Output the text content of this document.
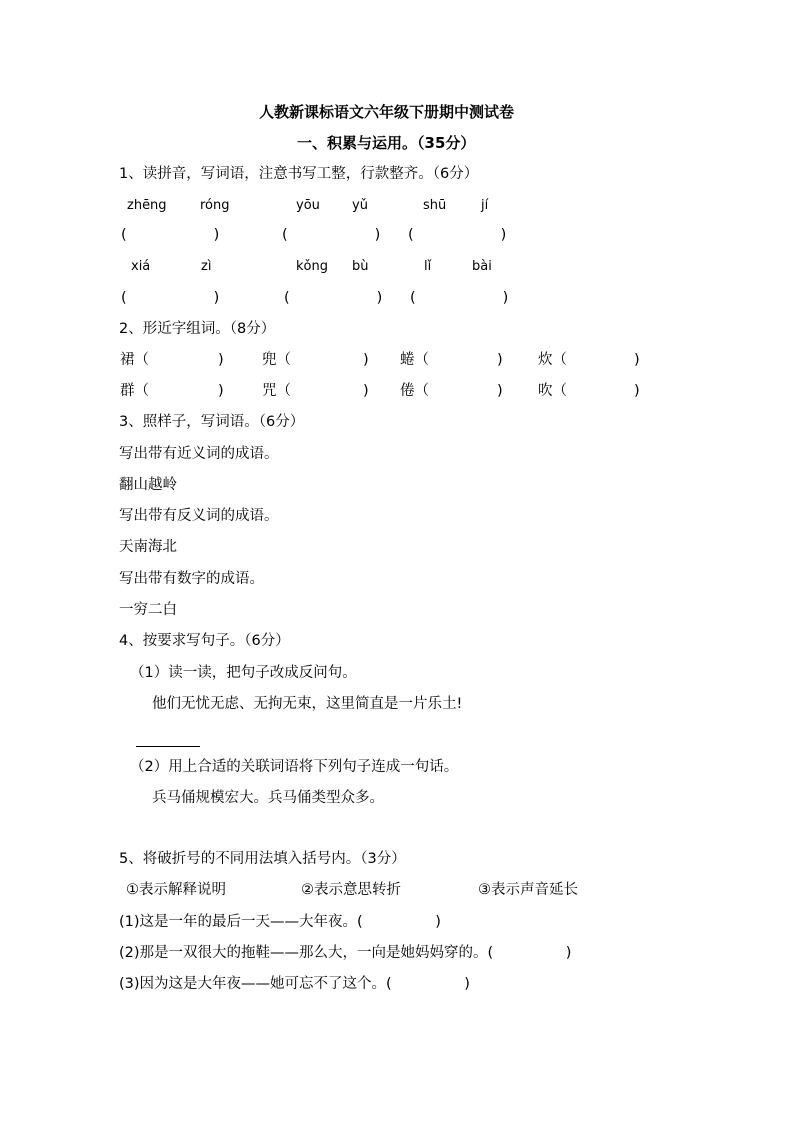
人教新课标语文六年级下册期中测试卷
一、积累与运用。（35分）
1、读拼音，写词语，注意书写工整，行款整齐。（6分）
zhēng	róng	yōu yǔ	shū	jí
(　　　　　　)	(　　　　　　) (　　　　　　)
xiá	zì	kǒng bù	lǐ	bài
(　　　　　　)	(　　　　　　) (　　　　　　)
2、形近字组词。（8分）
裙（	)	兜（	) 蜷（	) 炊（	)
群（	)	咒（	) 倦（	) 吹（	)
3、照样子，写词语。（6分）
写出带有近义词的成语。
翻山越岭
写出带有反义词的成语。
天南海北
写出带有数字的成语。
一穷二白
4、按要求写句子。（6分）
（1）读一读，把句子改成反问句。
他们无忧无虑、无拘无束，这里简直是一片乐土!
（2）用上合适的关联词语将下列句子连成一句话。
兵马俑规模宏大。兵马俑类型众多。
5、将破折号的不同用法填入括号内。（3分）
①表示解释说明	②表示意思转折	③表示声音延长
(1)这是一年的最后一天——大年夜。(　　　　　)
(2)那是一双很大的拖鞋——那么大，一向是她妈妈穿的。(　　　　　)
(3)因为这是大年夜——她可忘不了这个。(　　　　　)
